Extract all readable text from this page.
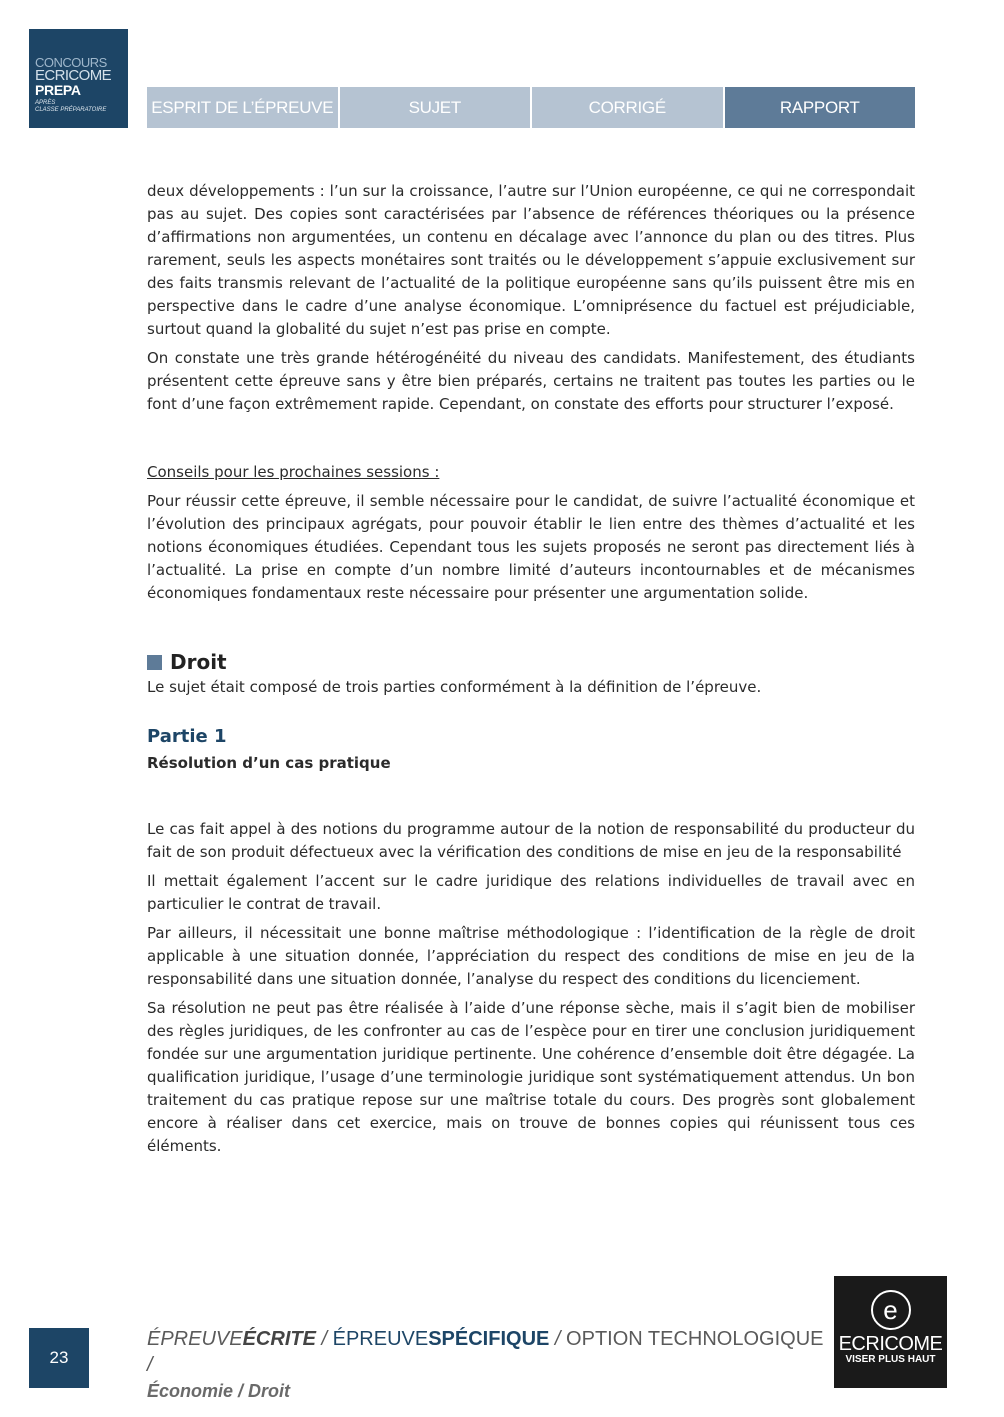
CONCOURS
ECRICOME
PREPA
APRÈS
CLASSE PRÉPARATOIRE	ESPRIT DE L’ÉPREUVE	SUJET	CORRIGÉ	RAPPORT

deux développements : l’un sur la croissance, l’autre sur l’Union européenne, ce qui ne correspondait pas au sujet. Des copies sont caractérisées par l’absence de références théoriques ou la présence d’affirmations non argumentées, un contenu en décalage avec l’annonce du plan ou des titres. Plus rarement, seuls les aspects monétaires sont traités ou le développement s’appuie exclusivement sur des faits transmis relevant de l’actualité de la politique européenne sans qu’ils puissent être mis en perspective dans le cadre d’une analyse économique. L’omniprésence du factuel est préjudiciable, surtout quand la globalité du sujet n’est pas prise en compte.

On constate une très grande hétérogénéité du niveau des candidats. Manifestement, des étudiants présentent cette épreuve sans y être bien préparés, certains ne traitent pas toutes les parties ou le font d’une façon extrêmement rapide. Cependant, on constate des efforts pour structurer l’exposé.

Conseils pour les prochaines sessions :

Pour réussir cette épreuve, il semble nécessaire pour le candidat, de suivre l’actualité économique et l’évolution des principaux agrégats, pour pouvoir établir le lien entre des thèmes d’actualité et les notions économiques étudiées. Cependant tous les sujets proposés ne seront pas directement liés à l’actualité. La prise en compte d’un nombre limité d’auteurs incontournables et de mécanismes économiques fondamentaux reste nécessaire pour présenter une argumentation solide.

Droit

Le sujet était composé de trois parties conformément à la définition de l’épreuve.

Partie 1
Résolution d’un cas pratique

Le cas fait appel à des notions du programme autour de la notion de responsabilité du producteur du fait de son produit défectueux avec la vérification des conditions de mise en jeu de la responsabilité

Il mettait également l’accent sur le cadre juridique des relations individuelles de travail avec en particulier le contrat de travail.

Par ailleurs, il nécessitait une bonne maîtrise méthodologique : l’identification de la règle de droit applicable à une situation donnée, l’appréciation du respect des conditions de mise en jeu de la responsabilité dans une situation donnée, l’analyse du respect des conditions du licenciement.

Sa résolution ne peut pas être réalisée à l’aide d’une réponse sèche, mais il s’agit bien de mobiliser des règles juridiques, de les confronter au cas de l’espèce pour en tirer une conclusion juridiquement fondée sur une argumentation juridique pertinente. Une cohérence d’ensemble doit être dégagée. La qualification juridique, l’usage d’une terminologie juridique sont systématiquement attendus. Un bon traitement du cas pratique repose sur une maîtrise totale du cours. Des progrès sont globalement encore à réaliser dans cet exercice, mais on trouve de bonnes copies qui réunissent tous ces éléments.

23
ÉPREUVEÉCRITE / ÉPREUVESPÉCIFIQUE / OPTION TECHNOLOGIQUE /
Économie / Droit
e
ECRICOME
VISER PLUS HAUT
